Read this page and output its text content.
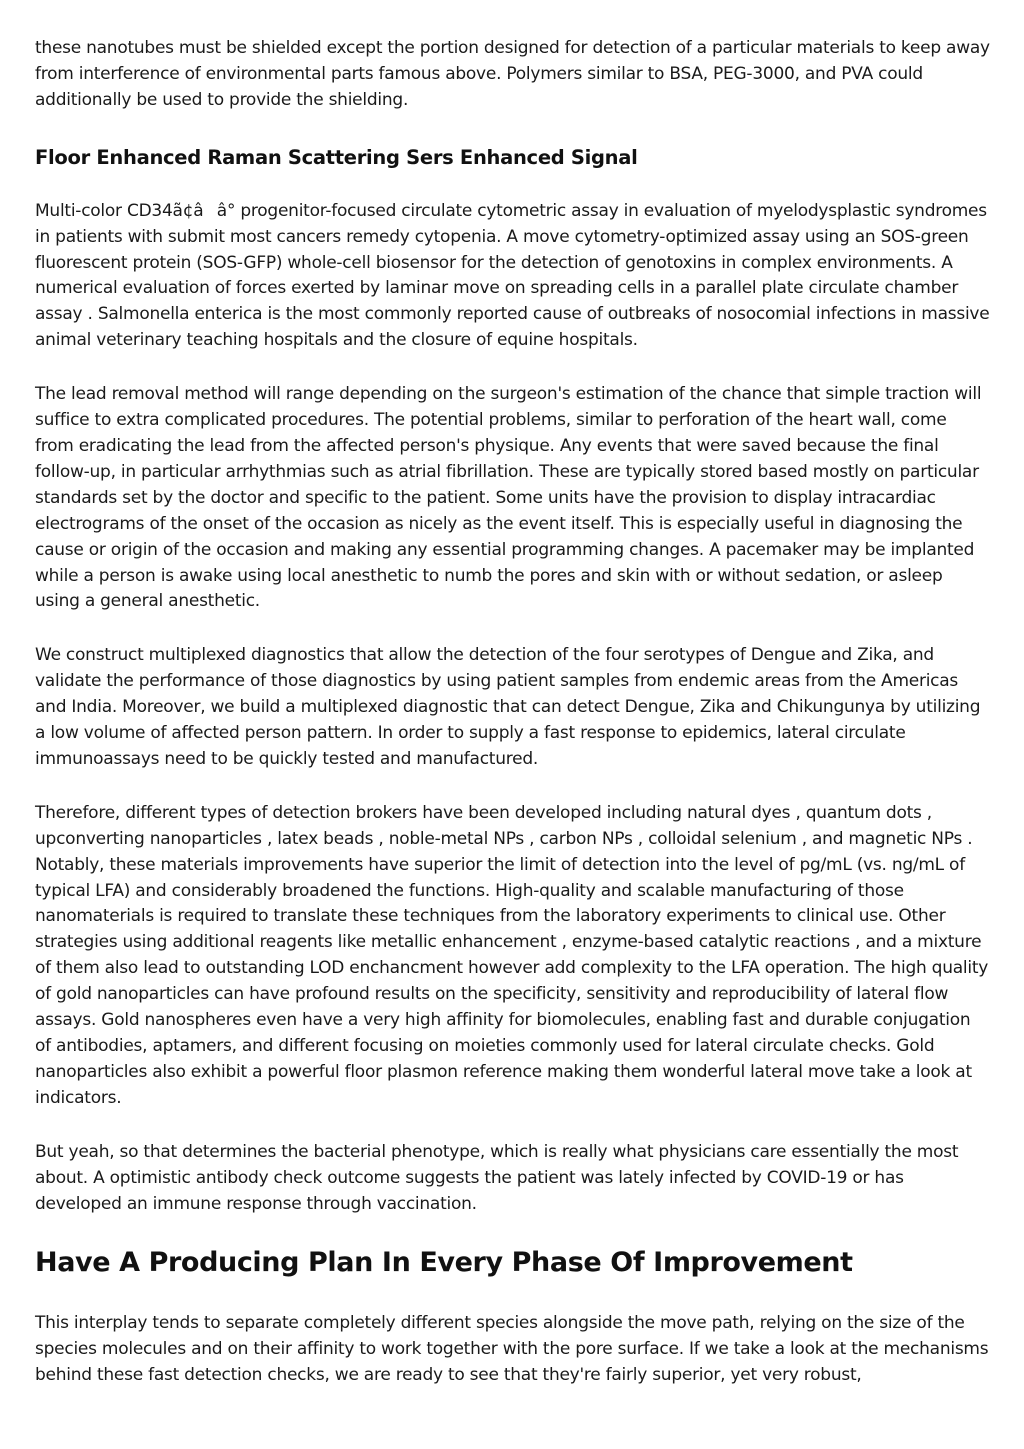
these nanotubes must be shielded except the portion designed for detection of a particular materials to keep away from interference of environmental parts famous above. Polymers similar to BSA, PEG-3000, and PVA could additionally be used to provide the shielding.

Floor Enhanced Raman Scattering Sers Enhanced Signal

Multi-color CD34ã¢ââ° progenitor-focused circulate cytometric assay in evaluation of myelodysplastic syndromes in patients with submit most cancers remedy cytopenia. A move cytometry-optimized assay using an SOS-green fluorescent protein (SOS-GFP) whole-cell biosensor for the detection of genotoxins in complex environments. A numerical evaluation of forces exerted by laminar move on spreading cells in a parallel plate circulate chamber assay . Salmonella enterica is the most commonly reported cause of outbreaks of nosocomial infections in massive animal veterinary teaching hospitals and the closure of equine hospitals.

The lead removal method will range depending on the surgeon's estimation of the chance that simple traction will suffice to extra complicated procedures. The potential problems, similar to perforation of the heart wall, come from eradicating the lead from the affected person's physique. Any events that were saved because the final follow-up, in particular arrhythmias such as atrial fibrillation. These are typically stored based mostly on particular standards set by the doctor and specific to the patient. Some units have the provision to display intracardiac electrograms of the onset of the occasion as nicely as the event itself. This is especially useful in diagnosing the cause or origin of the occasion and making any essential programming changes. A pacemaker may be implanted while a person is awake using local anesthetic to numb the pores and skin with or without sedation, or asleep using a general anesthetic.

We construct multiplexed diagnostics that allow the detection of the four serotypes of Dengue and Zika, and validate the performance of those diagnostics by using patient samples from endemic areas from the Americas and India. Moreover, we build a multiplexed diagnostic that can detect Dengue, Zika and Chikungunya by utilizing a low volume of affected person pattern. In order to supply a fast response to epidemics, lateral circulate immunoassays need to be quickly tested and manufactured.

Therefore, different types of detection brokers have been developed including natural dyes , quantum dots , upconverting nanoparticles , latex beads , noble-metal NPs , carbon NPs , colloidal selenium , and magnetic NPs . Notably, these materials improvements have superior the limit of detection into the level of pg/mL (vs. ng/mL of typical LFA) and considerably broadened the functions. High-quality and scalable manufacturing of those nanomaterials is required to translate these techniques from the laboratory experiments to clinical use. Other strategies using additional reagents like metallic enhancement , enzyme-based catalytic reactions , and a mixture of them also lead to outstanding LOD enchancment however add complexity to the LFA operation. The high quality of gold nanoparticles can have profound results on the specificity, sensitivity and reproducibility of lateral flow assays. Gold nanospheres even have a very high affinity for biomolecules, enabling fast and durable conjugation of antibodies, aptamers, and different focusing on moieties commonly used for lateral circulate checks. Gold nanoparticles also exhibit a powerful floor plasmon reference making them wonderful lateral move take a look at indicators.

But yeah, so that determines the bacterial phenotype, which is really what physicians care essentially the most about. A optimistic antibody check outcome suggests the patient was lately infected by COVID-19 or has developed an immune response through vaccination.

Have A Producing Plan In Every Phase Of Improvement

This interplay tends to separate completely different species alongside the move path, relying on the size of the species molecules and on their affinity to work together with the pore surface. If we take a look at the mechanisms behind these fast detection checks, we are ready to see that they're fairly superior, yet very robust,
